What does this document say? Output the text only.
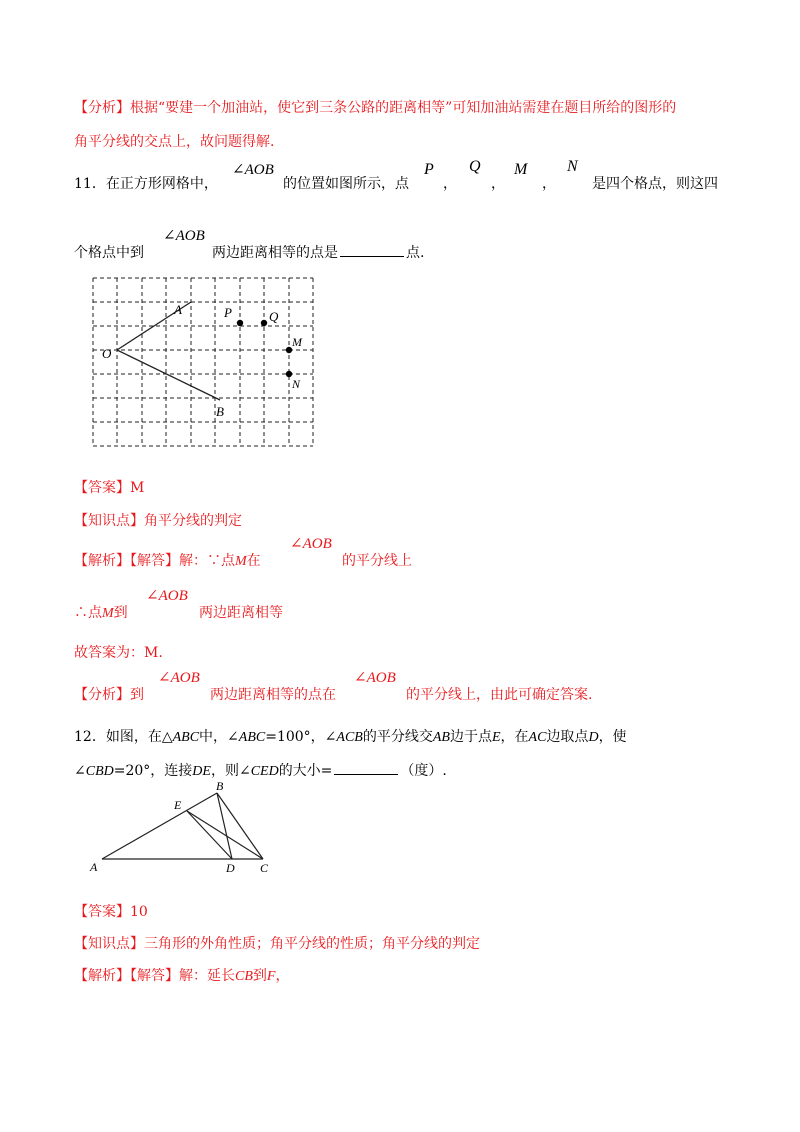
【分析】根据“要建一个加油站，使它到三条公路的距离相等”可知加油站需建在题目所给的图形的
角平分线的交点上，故问题得解.
11．在正方形网格中，
∠AOB
的位置如图所示，点
P
，
Q
，
M
，
N
是四个格点，则这四
个格点中到
∠AOB
两边距离相等的点是	点.
A
O
B
P	Q
M
N
【答案】M
【知识点】角平分线的判定
【解析】【解答】解：∵点M在
∠AOB
的平分线上
∴点M到
∠AOB
两边距离相等
故答案为：M.
【分析】到
∠AOB
两边距离相等的点在
∠AOB
的平分线上，由此可确定答案.
12．如图，在△ABC中，∠ABC=100°，∠ACB的平分线交AB边于点E，在AC边取点D，使
∠CBD=20°，连接DE，则∠CED的大小=	（度）.
A
B
C
D
E
【答案】10
【知识点】三角形的外角性质；角平分线的性质；角平分线的判定
【解析】【解答】解：延长CB到F，
